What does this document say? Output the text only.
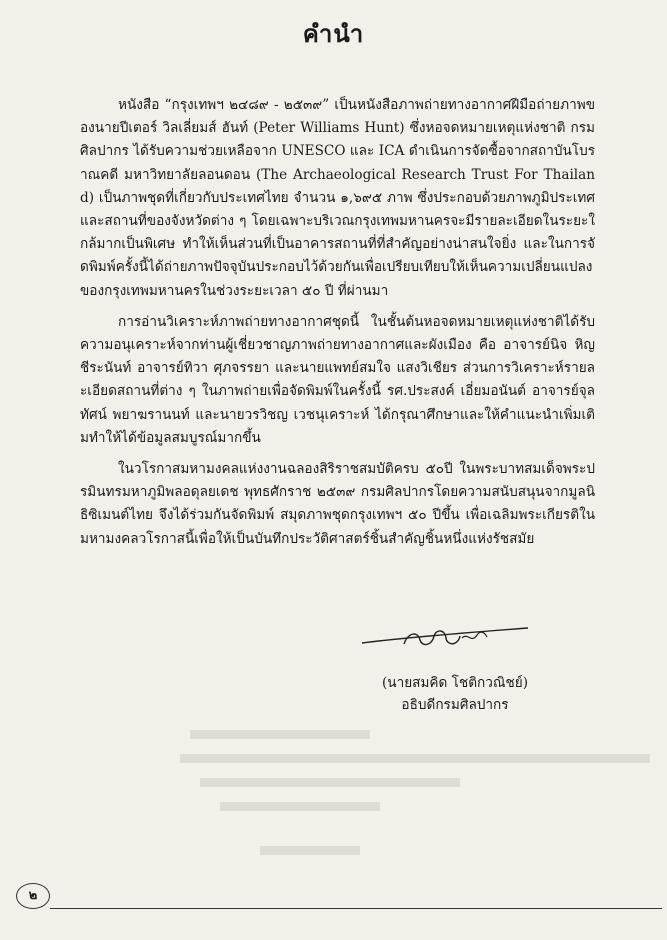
คำนำ

หนังสือ “กรุงเทพฯ ๒๔๘๙ - ๒๕๓๙” เป็นหนังสือภาพถ่ายทางอากาศฝีมือถ่ายภาพของนายปีเตอร์ วิลเลี่ยมส์ ฮันท์ (Peter Williams Hunt) ซึ่งหอจดหมายเหตุแห่งชาติ กรมศิลปากร ได้รับความช่วยเหลือจาก UNESCO และ ICA ดำเนินการจัดซื้อจากสถาบันโบราณคดี มหาวิทยาลัยลอนดอน (The Archaeological Research Trust For Thailand) เป็นภาพชุดที่เกี่ยวกับประเทศไทย จำนวน ๑,๖๙๕ ภาพ ซึ่งประกอบด้วยภาพภูมิประเทศ และสถานที่ของจังหวัดต่าง ๆ โดยเฉพาะบริเวณกรุงเทพมหานครจะมีรายละเอียดในระยะใกล้มากเป็นพิเศษ ทำให้เห็นส่วนที่เป็นอาคารสถานที่ที่สำคัญอย่างน่าสนใจยิ่ง และในการจัดพิมพ์ครั้งนี้ได้ถ่ายภาพปัจจุบันประกอบไว้ด้วยกันเพื่อเปรียบเทียบให้เห็นความเปลี่ยนแปลงของกรุงเทพมหานครในช่วงระยะเวลา ๕๐ ปี ที่ผ่านมา

การอ่านวิเคราะห์ภาพถ่ายทางอากาศชุดนี้ ในชั้นต้นหอจดหมายเหตุแห่งชาติได้รับความอนุเคราะห์จากท่านผู้เชี่ยวชาญภาพถ่ายทางอากาศและผังเมือง คือ อาจารย์นิจ หิญชีระนันท์ อาจารย์ทิวา ศุภจรรยา และนายแพทย์สมใจ แสงวิเชียร ส่วนการวิเคราะห์รายละเอียดสถานที่ต่าง ๆ ในภาพถ่ายเพื่อจัดพิมพ์ในครั้งนี้ รศ.ประสงค์ เอี่ยมอนันต์ อาจารย์จุลทัศน์ พยาฆรานนท์ และนายวรวิชญ เวชนุเคราะห์ ได้กรุณาศึกษาและให้คำแนะนำเพิ่มเติมทำให้ได้ข้อมูลสมบูรณ์มากขึ้น

ในวโรกาสมหามงคลแห่งงานฉลองสิริราชสมบัติครบ ๕๐ปี ในพระบาทสมเด็จพระปรมินทรมหาภูมิพลอดุลยเดช พุทธศักราช ๒๕๓๙ กรมศิลปากรโดยความสนับสนุนจากมูลนิธิซิเมนต์ไทย จึงได้ร่วมกันจัดพิมพ์ สมุดภาพชุดกรุงเทพฯ ๕๐ ปีขึ้น เพื่อเฉลิมพระเกียรติในมหามงคลวโรกาสนี้เพื่อให้เป็นบันทึกประวัติศาสตร์ชิ้นสำคัญชิ้นหนึ่งแห่งรัชสมัย

(นายสมคิด โชติกวณิชย์)
อธิบดีกรมศิลปากร
๒
